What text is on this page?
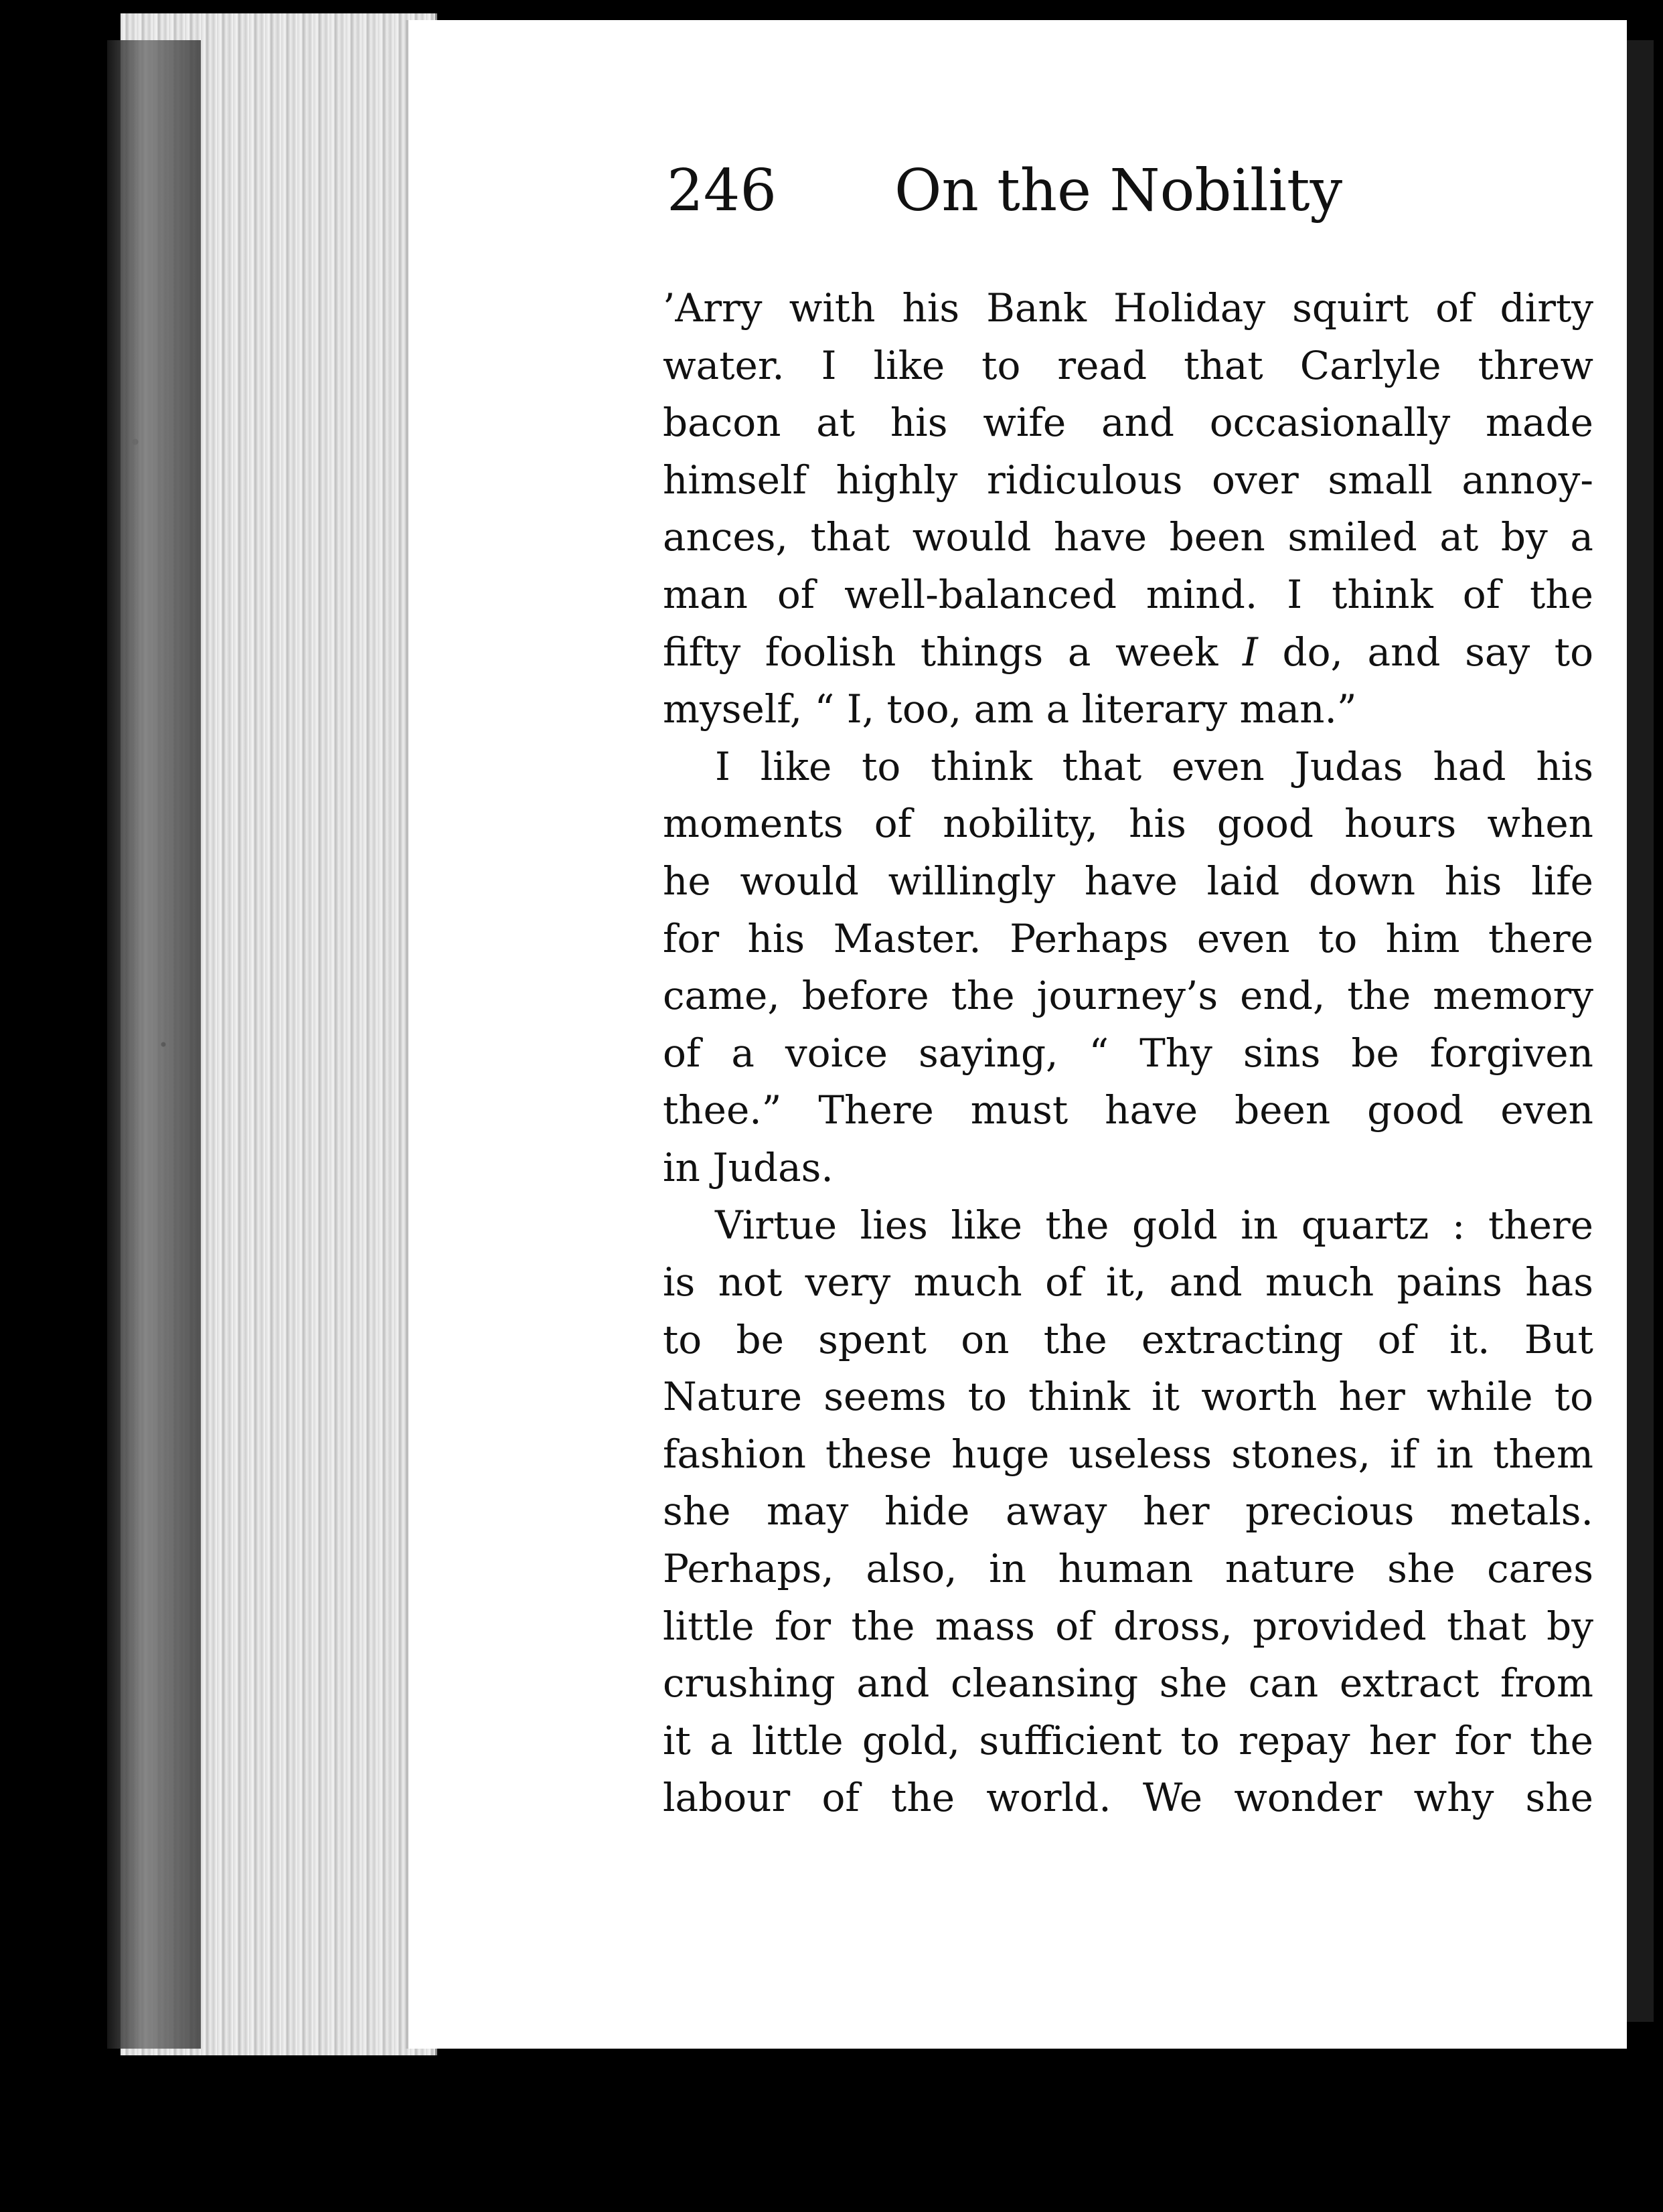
246 On the Nobility
’Arry with his Bank Holiday squirt of dirty
water. I like to read that Carlyle threw
bacon at his wife and occasionally made
himself highly ridiculous over small annoy-
ances, that would have been smiled at by a
man of well-balanced mind. I think of the
fifty foolish things a week I do, and say to
myself, “ I, too, am a literary man.”
I like to think that even Judas had his
moments of nobility, his good hours when
he would willingly have laid down his life
for his Master. Perhaps even to him there
came, before the journey’s end, the memory
of a voice saying, “ Thy sins be forgiven
thee.” There must have been good even
in Judas.
Virtue lies like the gold in quartz : there
is not very much of it, and much pains has
to be spent on the extracting of it. But
Nature seems to think it worth her while to
fashion these huge useless stones, if in them
she may hide away her precious metals.
Perhaps, also, in human nature she cares
little for the mass of dross, provided that by
crushing and cleansing she can extract from
it a little gold, sufficient to repay her for the
labour of the world. We wonder why she
